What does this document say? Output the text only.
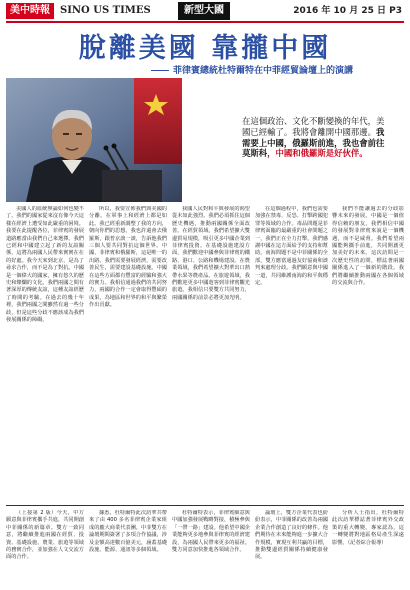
美中時報	SINO US TIMES	新型大國	2016 年 10 月 25 日 P3
脫離美國 靠攏中國
菲律賓總統杜特爾特在中菲經貿論壇上的演講
在這個政治、文化不斷變換的年代，美國已經輸了。我將會離開中國那邊。我需要上中國，俄羅斯前進，我也會前往莫斯科，中國和俄羅斯是好伙伴。

美國人的血統無論如何也變不了。我們的國家從來沒有像今天這樣在經濟上遭受如此嚴重的困境。我要在此提醒各位，菲律賓的發展道路應當由我們自己來選擇。我們已經和中國建立起了新的友誼關係，這將為兩國人民帶來實實在在的好處。我今天來到北京，是為了尋求合作，而不是為了對抗。中國是一個偉大的國家，擁有悠久的歷史和燦爛的文化。我們兩國之間有著深厚的傳統友誼，這種友誼經歷了時間的考驗。在過去的幾十年裡，我們兩國之間雖然有過一些分歧，但是這些分歧不應該成為我們發展關係的障礙。

所以，我要宣佈我們與美國的分離。在軍事上和經濟上都是如此。我已經重新調整了我的方向，朝向你們的思想，我也許還會去俄羅斯，跟普京談一談，告訴他我們三個人要共同對抗這個世界。中國、菲律賓和俄羅斯，這是唯一的出路。我們需要發展經濟，需要改善民生，需要建設基礎設施。中國在這些方面都有豐富的經驗和強大的實力。我相信通過我們的共同努力，兩國的合作一定會取得豐碩的成果，為地區和世界的和平與繁榮作出貢獻。

我國人民對和平與發展的渴望從未如此強烈。我們必須抓住這個歷史機遇，推動兩國關係全面改善。在經貿領域，我們希望擴大雙邊貿易規模，吸引更多中國企業到菲律賓投資。在基礎設施建設方面，我們歡迎中國參與菲律賓的鐵路、港口、公路和機場建設。在農業領域，我們希望擴大對華出口熱帶水果等農產品。在旅遊領域，我們歡迎更多中國遊客到菲律賓觀光旅遊。我相信只要雙方共同努力，兩國關係的前景必將更加光明。

在這個過程中，我們也需要加強在禁毒、反恐、打擊跨國犯罪等領域的合作。毒品問題是菲律賓面臨的最嚴重的社會問題之一，我們正在全力打擊。我們感謝中國在這方面給予的支持和幫助。南海問題不是中菲關係的全部，雙方應當通過友好協商和談判來處理分歧。我們願意與中國一道，共同維護南海的和平與穩定。

我們不能讓過去的分歧影響未來的發展。中國是一個值得信賴的朋友，我們相信中國的發展對菲律賓來說是一個機遇，而不是威脅。我們希望兩國能夠攜手前進，共同開創更加美好的未來。這次訪問是一次歷史性的訪問，標誌著兩國關係進入了一個新的階段。我們將繼續推動兩國在各個領域的交流與合作。

（上接第 2 版）今天，中方願意與菲律賓攜手共進，共同開創中菲關係的新篇章。雙方一致同意，將繼續推進兩國在經貿、投資、基礎設施、農業、旅遊等領域的務實合作，並加強在人文交流方面的合作。

據悉，杜特爾特此次訪華共帶來了由 400 多名菲律賓企業家組成的龐大商業代表團。中菲雙方在論壇期間簽署了多項合作協議，涉及金額高達數百億美元，涵蓋基礎設施、能源、通訊等多個領域。

杜特爾特表示，菲律賓願意與中國加強發展戰略對接，積極參與「一帶一路」建設。他希望中國企業能夠更多地參與菲律賓的經濟建設，為兩國人民帶來更多的福祉。雙方同意加快推進各領域合作。

論壇上，雙方企業代表也紛紛表示，中菲關係的改善為兩國企業合作創造了良好的條件。他們期待在未來能夠進一步擴大合作規模，實現互利共贏的目標，推動雙邊經貿關係持續健康發展。

分析人士指出，杜特爾特此次訪華標誌著菲律賓外交政策的重大轉變。專家認為，這一轉變將對地區格局產生深遠影響。（記者綜合報導）
